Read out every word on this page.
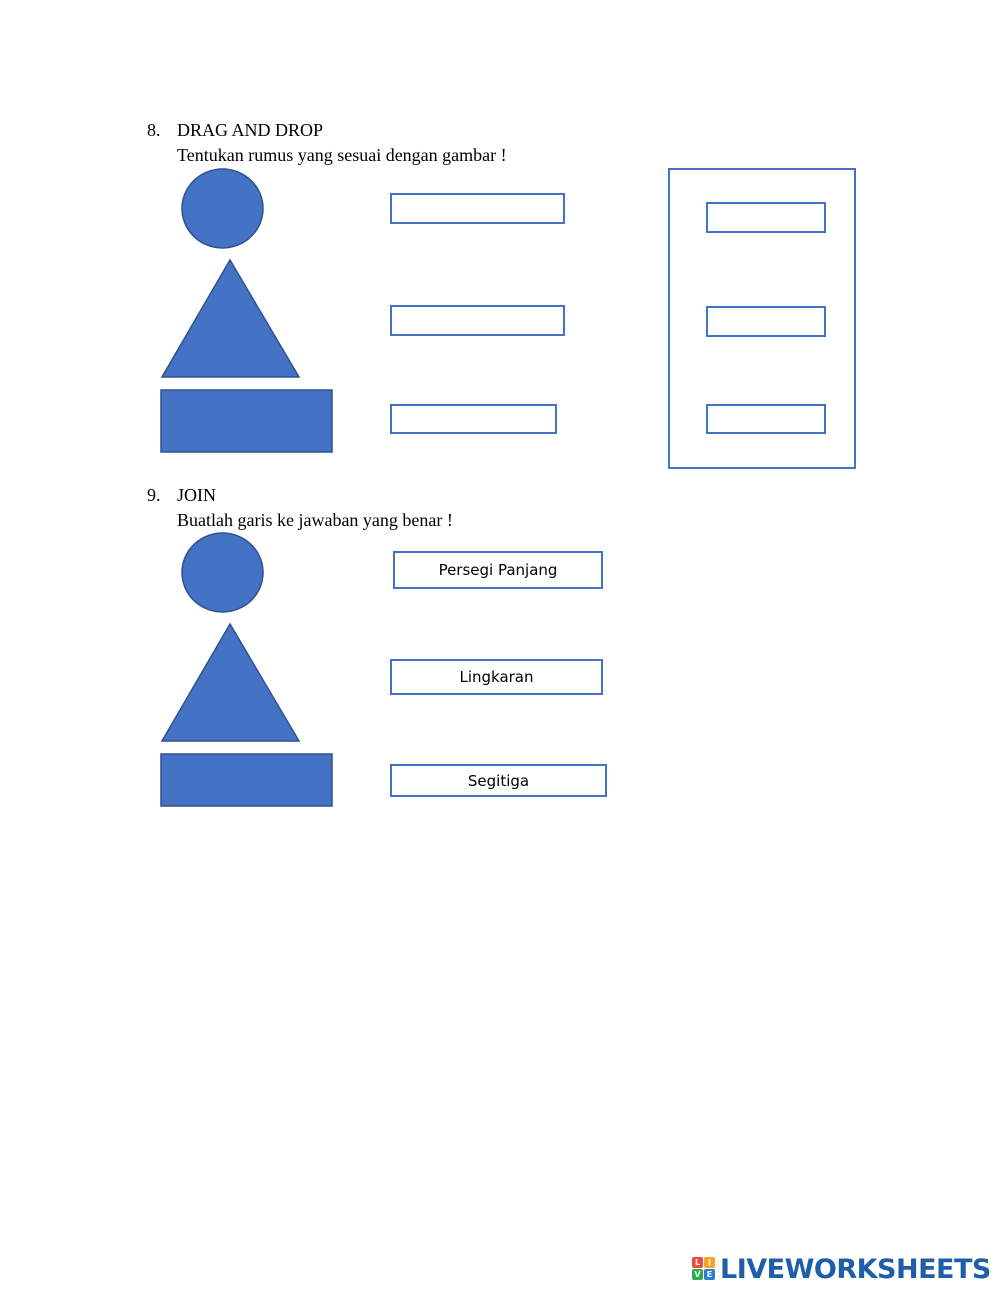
8. DRAG AND DROP
Tentukan rumus yang sesuai dengan gambar !
9. JOIN
Buatlah garis ke jawaban yang benar !
Persegi Panjang
Lingkaran
Segitiga
L I
V E LIVEWORKSHEETS
